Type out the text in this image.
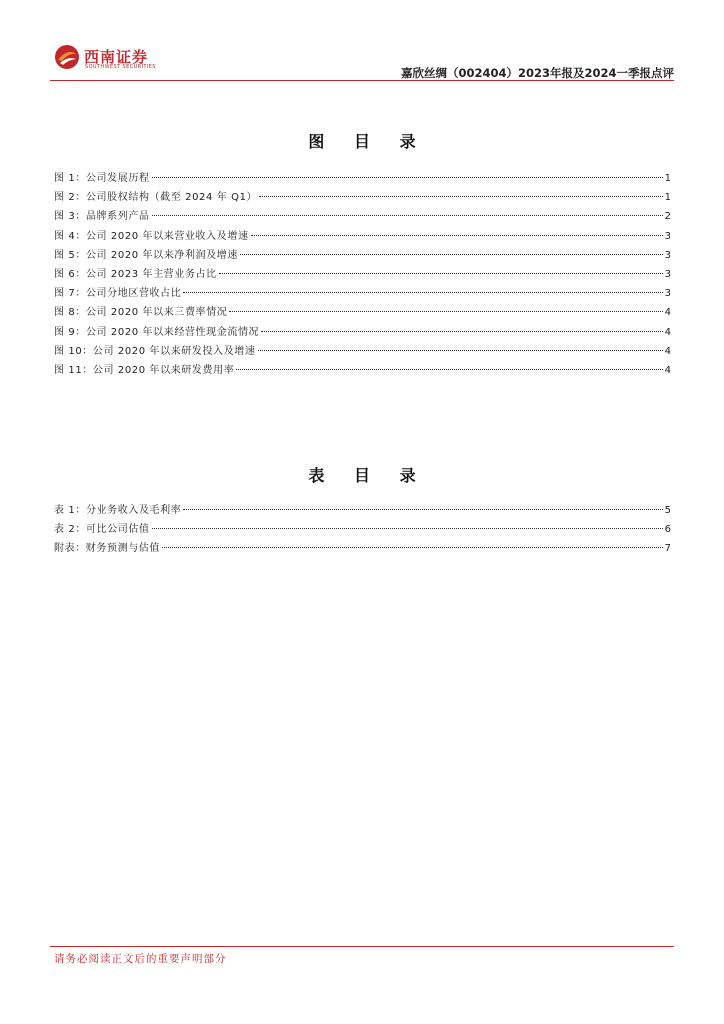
西南证券
SOUTHWEST SECURITIES	嘉欣丝绸（002404）2023年报及2024一季报点评
图 目 录
图 1：公司发展历程	1
图 2：公司股权结构（截至 2024 年 Q1）	1
图 3：品牌系列产品	2
图 4：公司 2020 年以来营业收入及增速	3
图 5：公司 2020 年以来净利润及增速	3
图 6：公司 2023 年主营业务占比	3
图 7：公司分地区营收占比	3
图 8：公司 2020 年以来三费率情况	4
图 9：公司 2020 年以来经营性现金流情况	4
图 10：公司 2020 年以来研发投入及增速	4
图 11：公司 2020 年以来研发费用率	4
表 目 录
表 1：分业务收入及毛利率	5
表 2：可比公司估值	6
附表：财务预测与估值	7
请务必阅读正文后的重要声明部分
